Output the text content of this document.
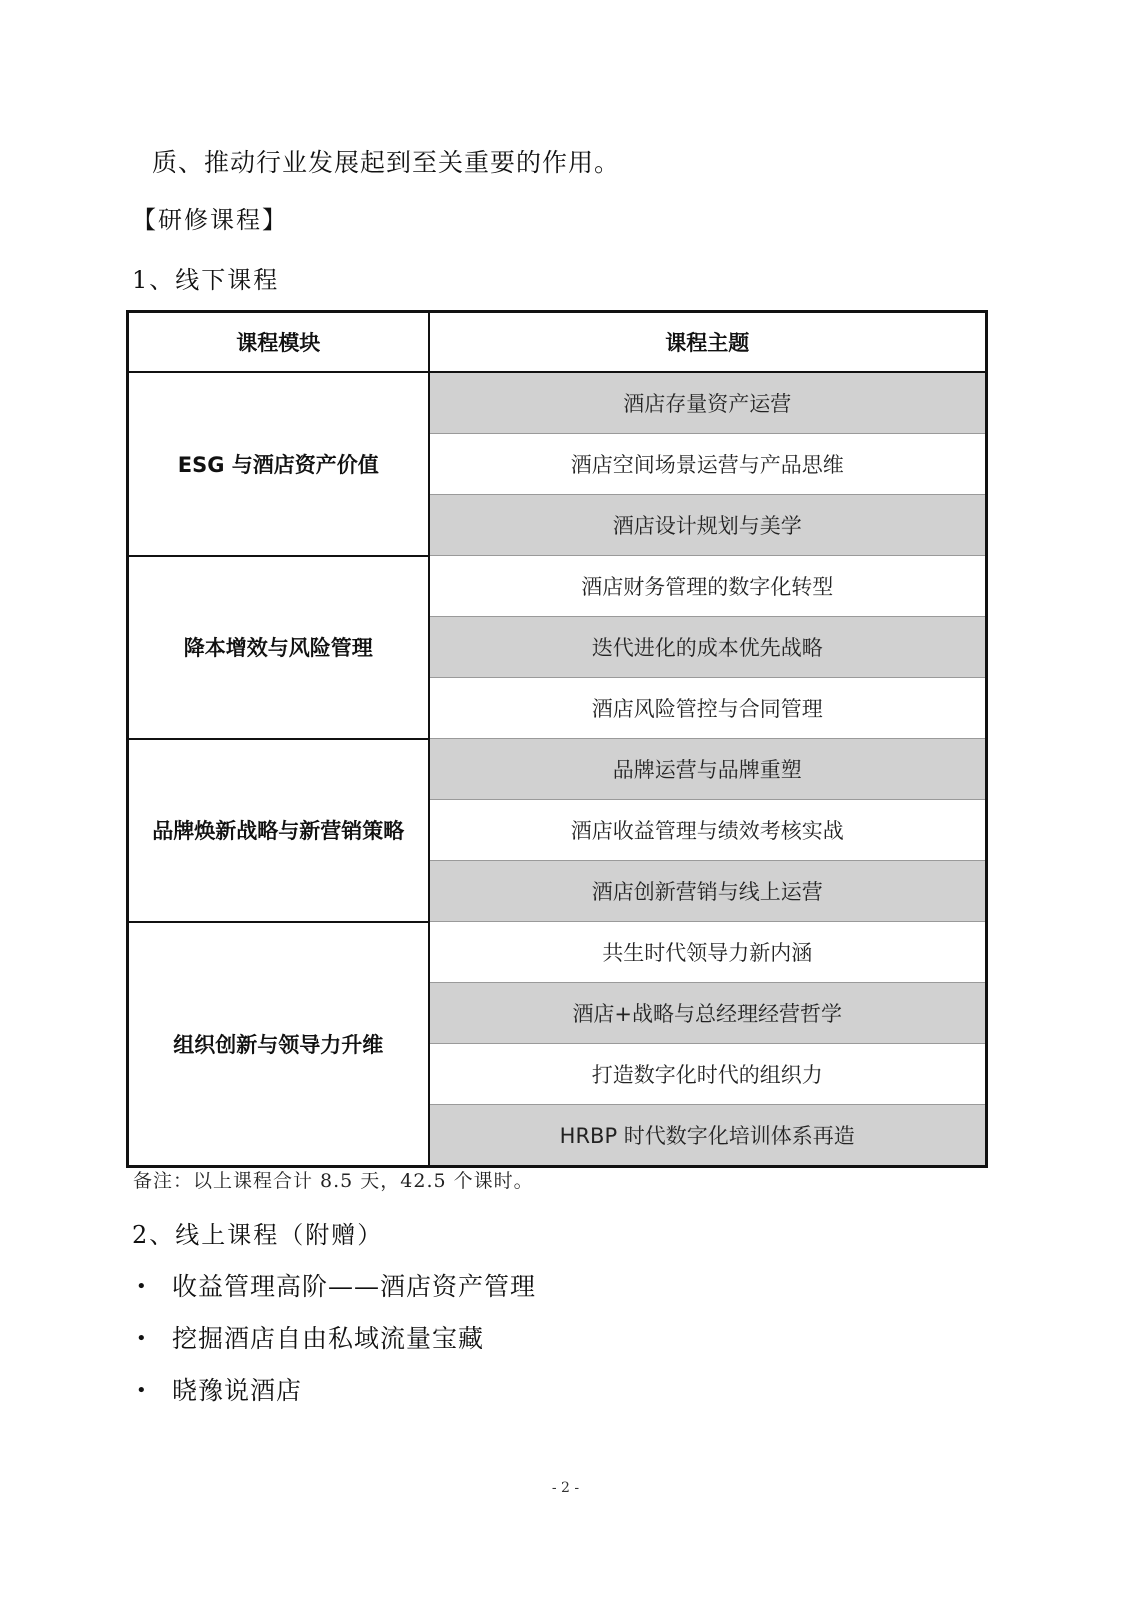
质、推动行业发展起到至关重要的作用。
【研修课程】
1、线下课程
课程模块	课程主题
ESG 与酒店资产价值	酒店存量资产运营
	酒店空间场景运营与产品思维
	酒店设计规划与美学
降本增效与风险管理	酒店财务管理的数字化转型
	迭代进化的成本优先战略
	酒店风险管控与合同管理
品牌焕新战略与新营销策略	品牌运营与品牌重塑
	酒店收益管理与绩效考核实战
	酒店创新营销与线上运营
组织创新与领导力升维	共生时代领导力新内涵
	酒店+战略与总经理经营哲学
	打造数字化时代的组织力
	HRBP 时代数字化培训体系再造
备注：以上课程合计 8.5 天，42.5 个课时。
2、线上课程（附赠）
• 收益管理高阶——酒店资产管理
• 挖掘酒店自由私域流量宝藏
• 晓豫说酒店
- 2 -
